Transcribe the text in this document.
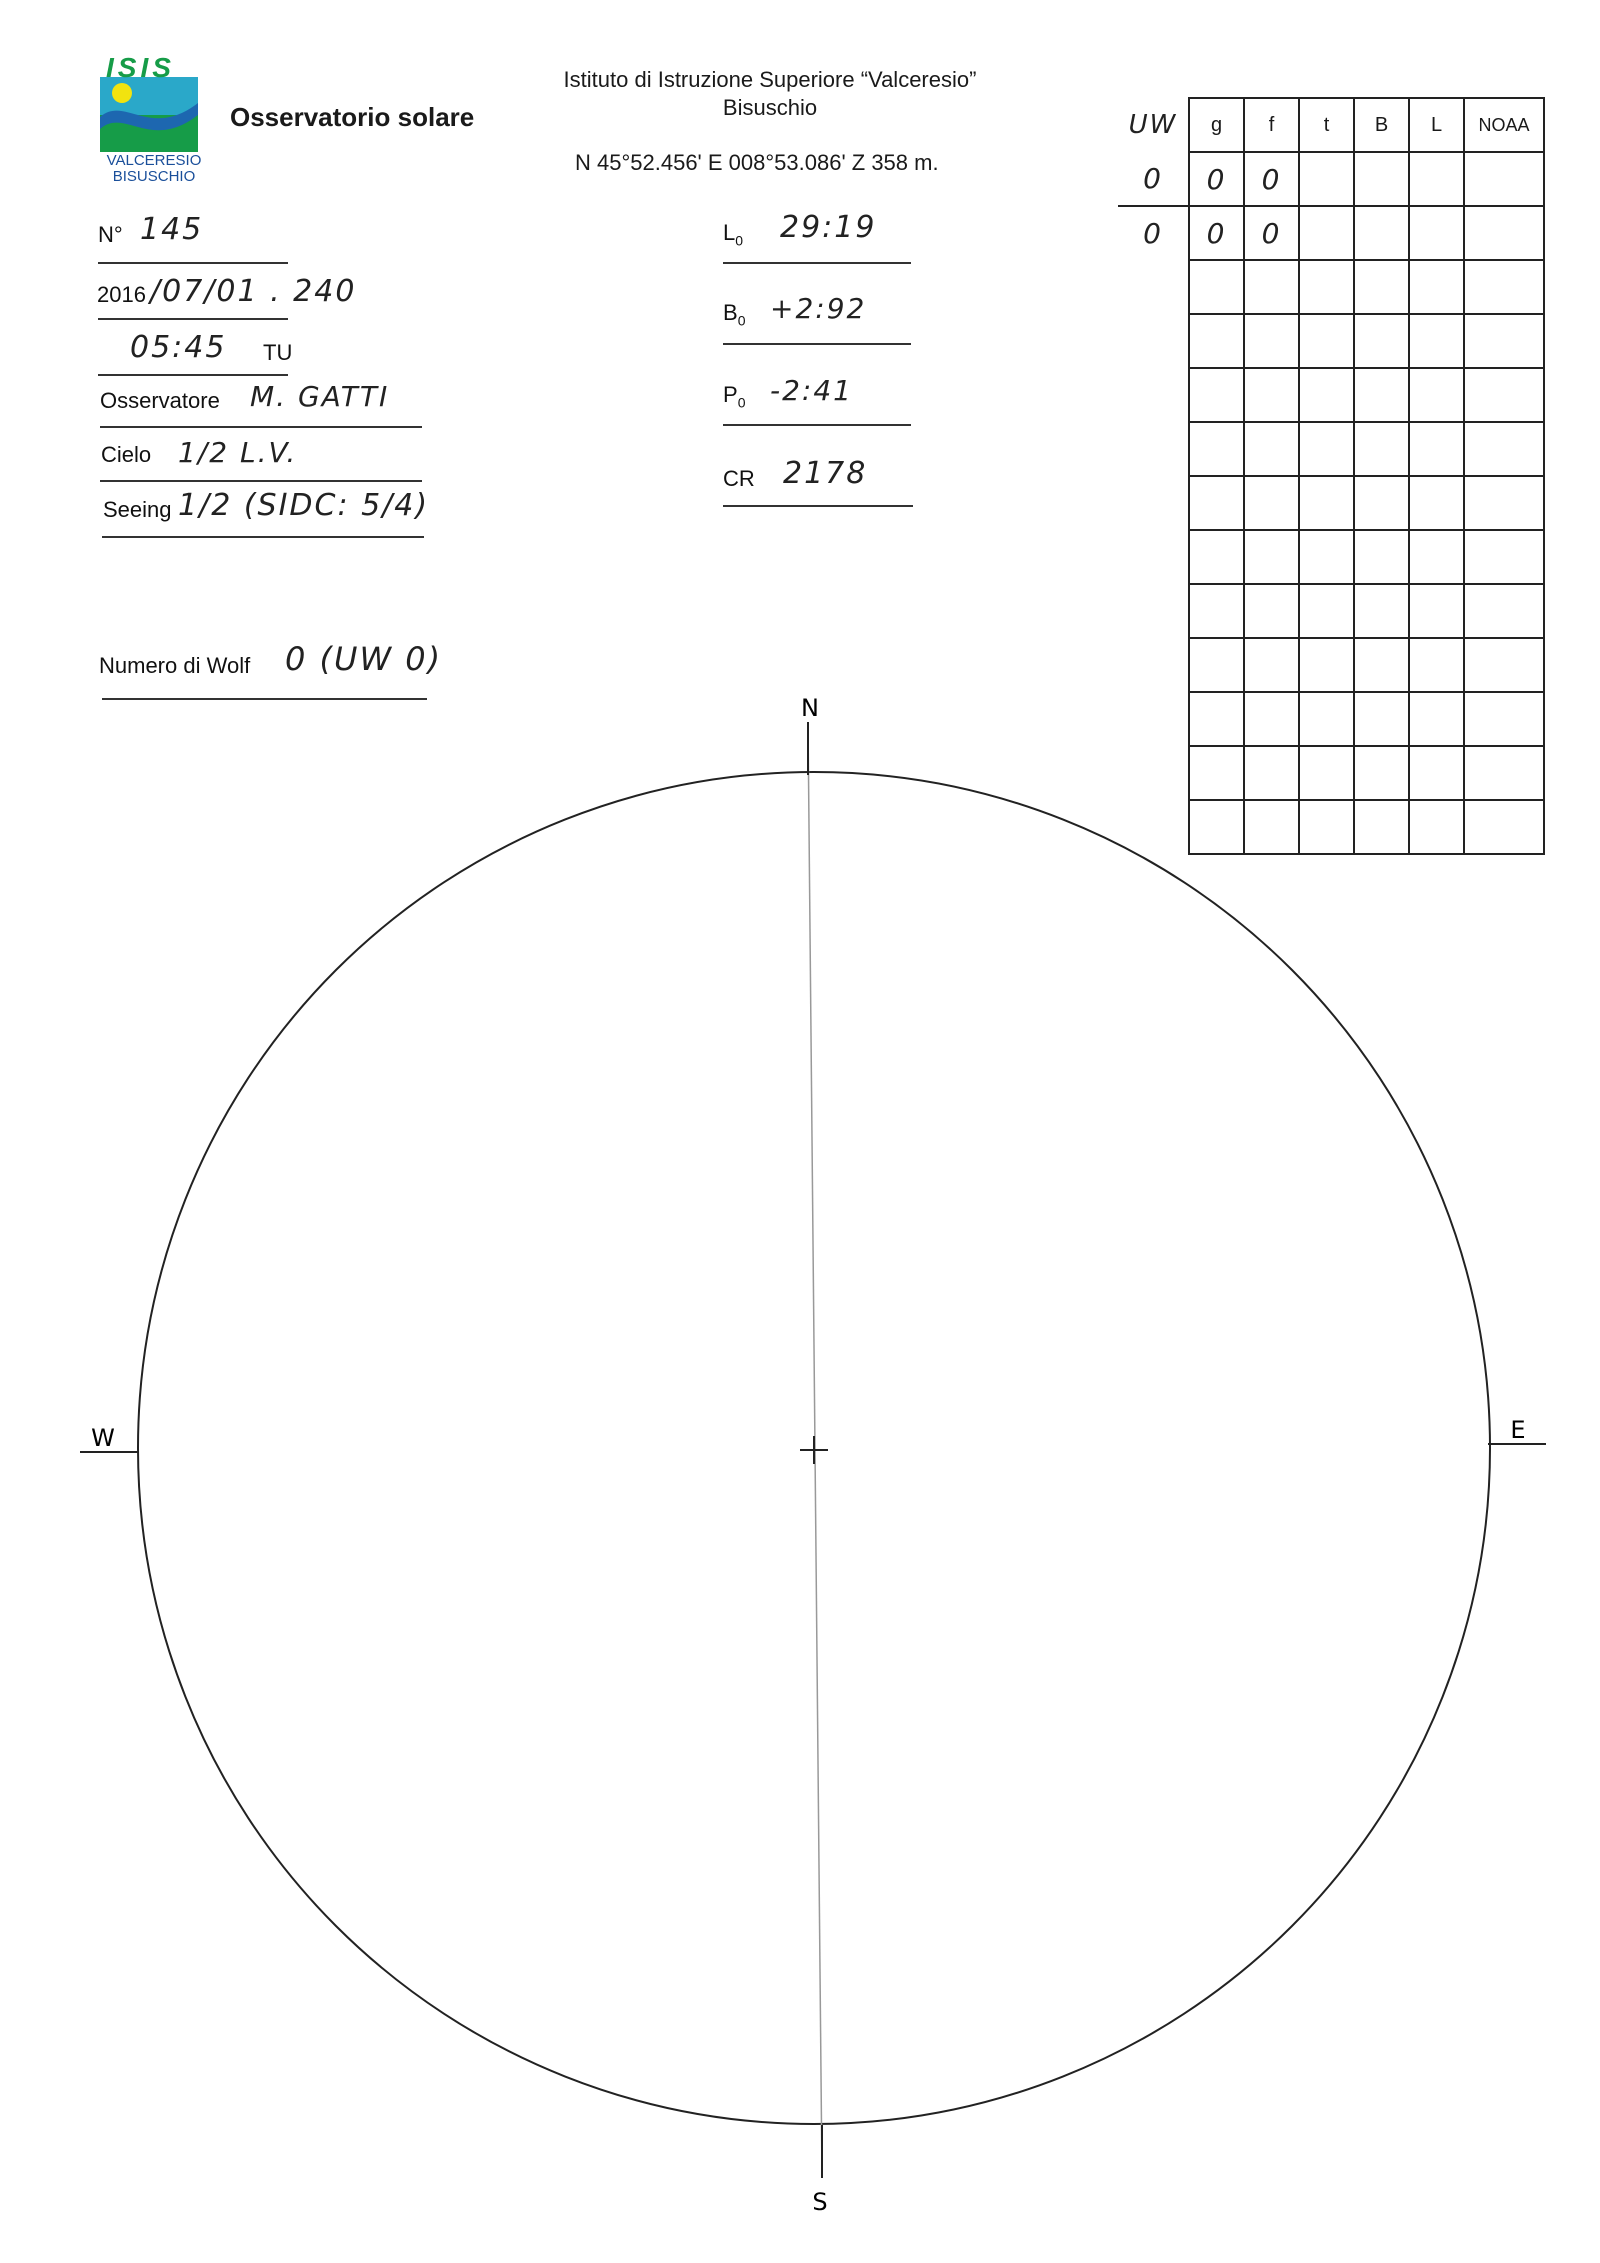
ISIS
VALCERESIO
BISUSCHIO
Osservatorio solare
Istituto di Istruzione Superiore “Valceresio”
Bisuschio
N 45°52.456' E 008°53.086' Z 358 m.
N° 145
2016 /07/01 . 240
05:45 TU
Osservatore M. GATTI
Cielo 1/2 L.V.
Seeing 1/2 (SIDC: 5/4)
Numero di Wolf 0 (UW 0)
$L_0$ 29:19
$B_0$ +2:92
$P_0$ -2:41
CR 2178
UW	g	f	t	B	L	NOAA
0	0	0				
0	0	0				

N
S
W	E
